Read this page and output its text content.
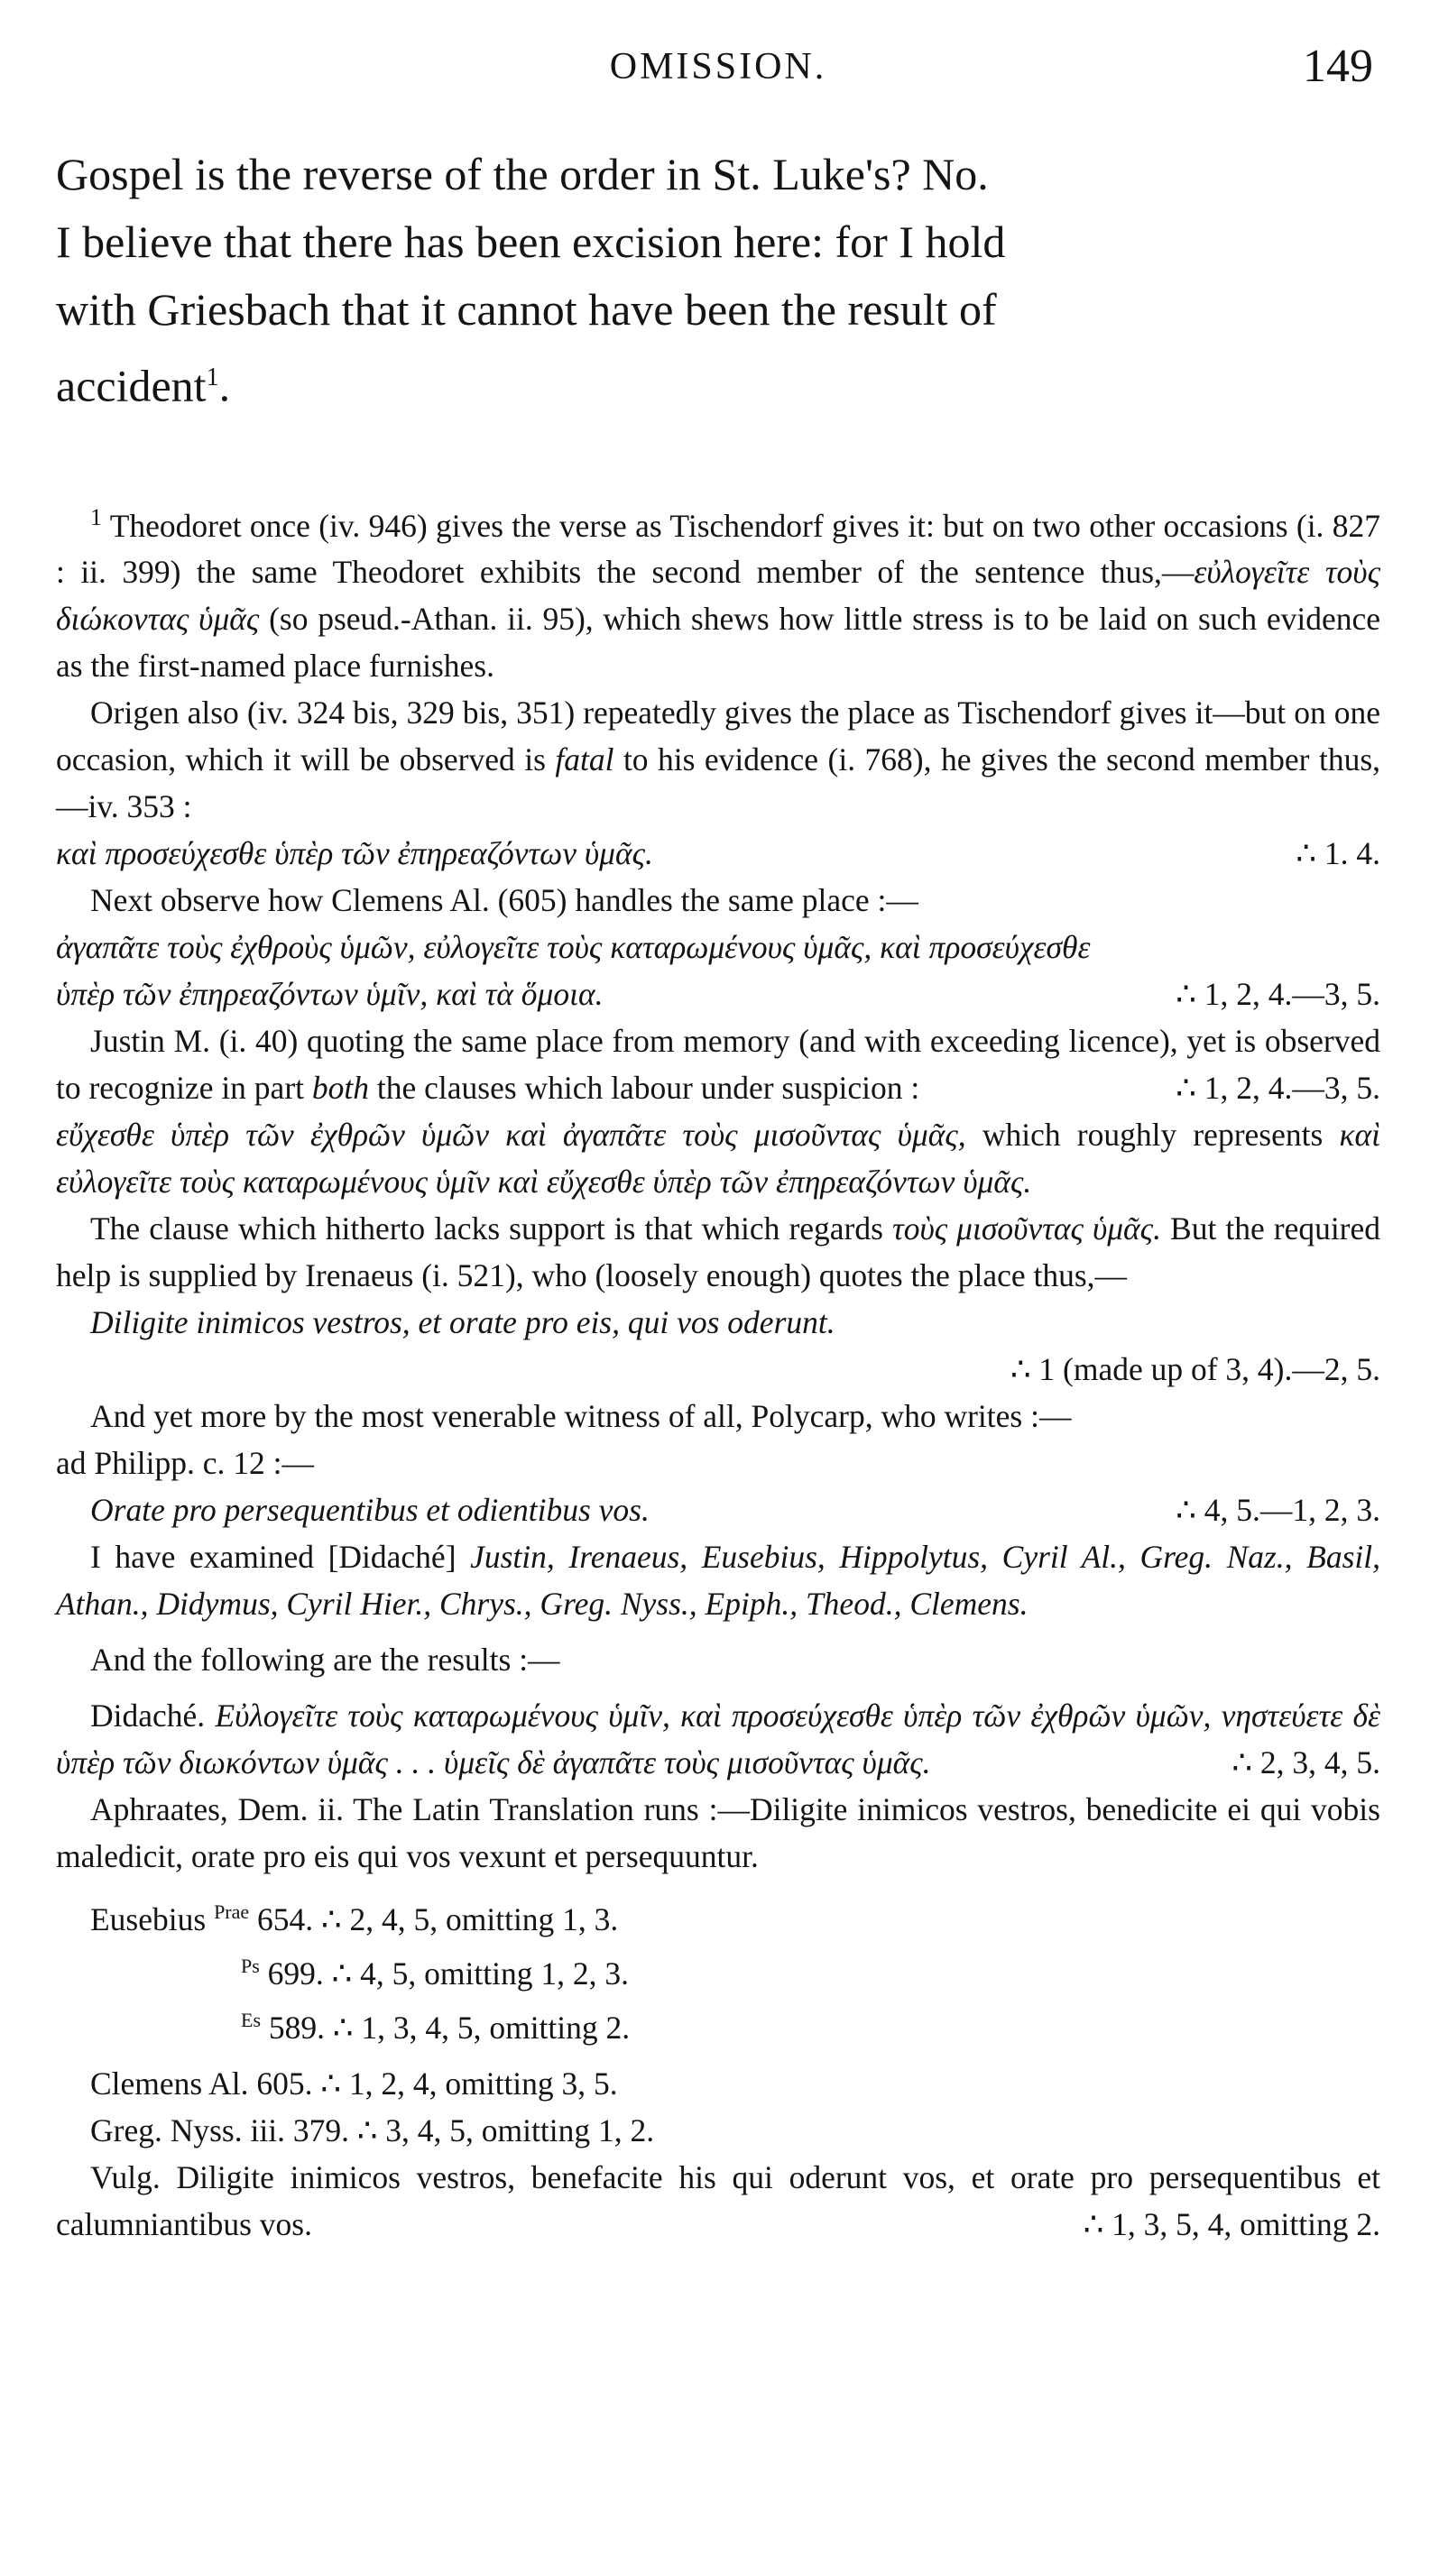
OMISSION.	149

Gospel is the reverse of the order in St. Luke's? No.

I believe that there has been excision here: for I hold

with Griesbach that it cannot have been the result of

accident$^1$.

$^1$ Theodoret once (iv. 946) gives the verse as Tischendorf gives it: but on two other occasions (i. 827 : ii. 399) the same Theodoret exhibits the second member of the sentence thus,—εὐλογεῖτε τοὺς διώκοντας ὑμᾶς (so pseud.-Athan. ii. 95), which shews how little stress is to be laid on such evidence as the first-named place furnishes.

Origen also (iv. 324 bis, 329 bis, 351) repeatedly gives the place as Tischendorf gives it—but on one occasion, which it will be observed is fatal to his evidence (i. 768), he gives the second member thus,—iv. 353 :

καὶ προσεύχεσθε ὑπὲρ τῶν ἐπηρεαζόντων ὑμᾶς.	∴ 1. 4.

Next observe how Clemens Al. (605) handles the same place :—

ἀγαπᾶτε τοὺς ἐχθροὺς ὑμῶν, εὐλογεῖτε τοὺς καταρωμένους ὑμᾶς, καὶ προσεύχεσθε

ὑπὲρ τῶν ἐπηρεαζόντων ὑμῖν, καὶ τὰ ὅμοια.	∴ 1, 2, 4.—3, 5.

Justin M. (i. 40) quoting the same place from memory (and with exceeding licence), yet is observed to recognize in part both the clauses which labour under suspicion :	∴ 1, 2, 4.—3, 5.

εὔχεσθε ὑπὲρ τῶν ἐχθρῶν ὑμῶν καὶ ἀγαπᾶτε τοὺς μισοῦντας ὑμᾶς, which roughly represents καὶ εὐλογεῖτε τοὺς καταρωμένους ὑμῖν καὶ εὔχεσθε ὑπὲρ τῶν ἐπηρεαζόντων ὑμᾶς.

The clause which hitherto lacks support is that which regards τοὺς μισοῦντας ὑμᾶς. But the required help is supplied by Irenaeus (i. 521), who (loosely enough) quotes the place thus,—

Diligite inimicos vestros, et orate pro eis, qui vos oderunt.

∴ 1 (made up of 3, 4).—2, 5.

And yet more by the most venerable witness of all, Polycarp, who writes :—

ad Philipp. c. 12 :—

Orate pro persequentibus et odientibus vos.	∴ 4, 5.—1, 2, 3.

I have examined [Didaché] Justin, Irenaeus, Eusebius, Hippolytus, Cyril Al., Greg. Naz., Basil, Athan., Didymus, Cyril Hier., Chrys., Greg. Nyss., Epiph., Theod., Clemens.

And the following are the results :—

Didaché. Εὐλογεῖτε τοὺς καταρωμένους ὑμῖν, καὶ προσεύχεσθε ὑπὲρ τῶν ἐχθρῶν ὑμῶν, νηστεύετε δὲ ὑπὲρ τῶν διωκόντων ὑμᾶς . . . ὑμεῖς δὲ ἀγαπᾶτε τοὺς μισοῦντας ὑμᾶς.	∴ 2, 3, 4, 5.

Aphraates, Dem. ii. The Latin Translation runs :—Diligite inimicos vestros, benedicite ei qui vobis maledicit, orate pro eis qui vos vexunt et persequuntur.

Eusebius $^{Prae}$ 654. ∴ 2, 4, 5, omitting 1, 3.

$^{Ps}$ 699. ∴ 4, 5, omitting 1, 2, 3.

$^{Es}$ 589. ∴ 1, 3, 4, 5, omitting 2.

Clemens Al. 605. ∴ 1, 2, 4, omitting 3, 5.

Greg. Nyss. iii. 379. ∴ 3, 4, 5, omitting 1, 2.

Vulg. Diligite inimicos vestros, benefacite his qui oderunt vos, et orate pro persequentibus et calumniantibus vos.	∴ 1, 3, 5, 4, omitting 2.
